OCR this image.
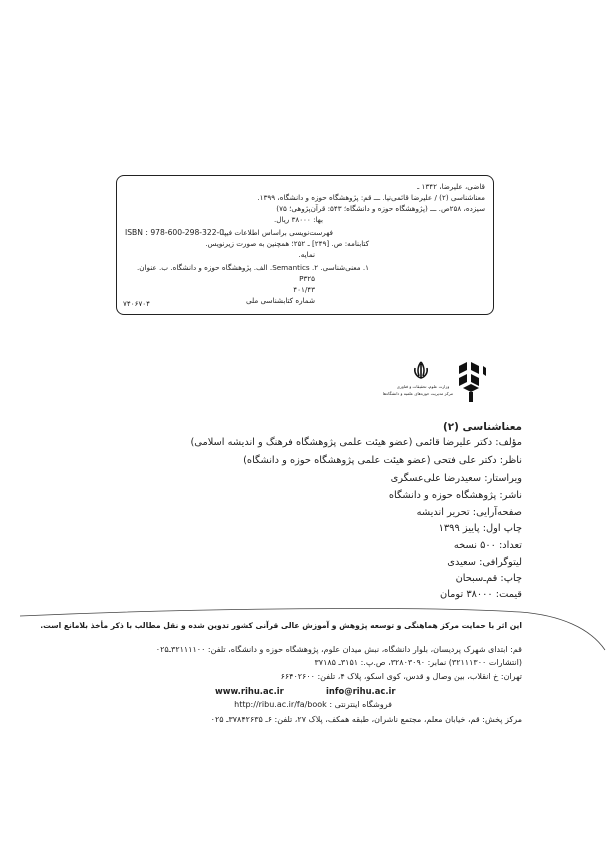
قاضی، علیرضا، ۱۳۴۲ ـ
معناشناسی (۲) / علیرضا قائمی‌نیا. ـــ قم: پژوهشگاه حوزه و دانشگاه، ۱۳۹۹.
سیزده، ۲۵۸ص. ـــ (پژوهشگاه حوزه و دانشگاه؛ ۵۴۳: قرآن‌پژوهی؛ ۷۵)
بها: ۳۸۰۰۰ ریال.
فهرست‌نویسی براساس اطلاعات فیپا.
کتابنامه: ص. [۲۴۹] ـ ۲۵۲؛ همچنین به صورت زیرنویس.
نمایه.
۱. معنی‌شناسی. ۲. Semantics. الف. پژوهشگاه حوزه و دانشگاه. ب. عنوان.
P۳۲۵
۴۰۱/۴۳
شماره کتابشناسی ملی
ISBN : 978-600-298-322-0
۷۴۰۶۷۰۴
وزارت علوم، تحقیقات و فناوری
مرکز مدیریت حوزه‌های علمیه و دانشگاه‌ها
معناشناسی (۲)
مؤلف: دکتر علیرضا قائمی (عضو هیئت علمی پژوهشگاه فرهنگ و اندیشه اسلامی)
ناظر: دکتر علی فتحی (عضو هیئت علمی پژوهشگاه حوزه و دانشگاه)
ویراستار: سعیدرضا علی‌عسگری
ناشر: پژوهشگاه حوزه و دانشگاه
صفحه‌آرایی: تحریر اندیشه
چاپ اول: پاییز ۱۳۹۹
تعداد: ۵۰۰ نسخه
لیتوگرافی: سعیدی
چاپ: قم‌ـ‌سبحان
قیمت: ۳۸۰۰۰ تومان
این اثر با حمایت مرکز هماهنگی و توسعه پژوهش و آموزش عالی قرآنی کشور تدوین شده و نقل مطالب با ذکر مأخذ بلامانع است.
قم: ابتدای شهرک پردیسان، بلوار دانشگاه، نبش میدان علوم، پژوهشگاه حوزه و دانشگاه، تلفن: ۳۲۱۱۱۱۰۰ـ۰۲۵
(انتشارات ۳۲۱۱۱۳۰۰) نمابر: ۳۲۸۰۳۰۹۰، ص.پ.: ۳۱۵۱ـ ۳۷۱۸۵
تهران: خ انقلاب، بین وصال و قدس، کوی اسکو، پلاک ۴، تلفن: ۶۶۴۰۲۶۰۰
www.rihu.ac.ir	info@rihu.ac.ir
فروشگاه اینترنتی : http://ribu.ac.ir/fa/book
مرکز پخش: قم، خیابان معلم، مجتمع ناشران، طبقه همکف، پلاک ۲۷، تلفن: ۶ـ ۳۷۸۴۲۶۳۵ـ ۰۲۵
